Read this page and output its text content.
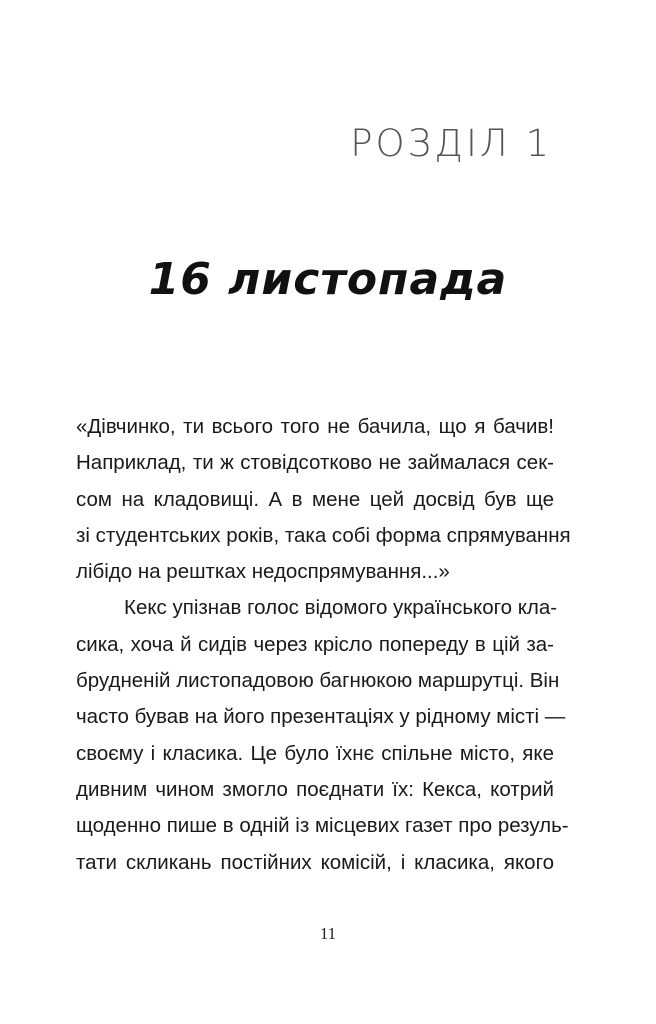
РОЗДІЛ 1
16 листопада

«Дівчинко, ти всього того не бачила, що я бачив!
Наприклад, ти ж стовідсотково не займалася сек-
сом на кладовищі. А в мене цей досвід був ще
зі студентських років, така собі форма спрямування
лібідо на рештках недоспрямування...»

Кекс упізнав голос відомого українського кла-
сика, хоча й сидів через крісло попереду в цій за-
брудненій листопадовою багнюкою маршрутці. Він
часто бував на його презентаціях у рідному місті —
своєму і класика. Це було їхнє спільне місто, яке
дивним чином змогло поєднати їх: Кекса, котрий
щоденно пише в одній із місцевих газет про резуль-
тати скликань постійних комісій, і класика, якого

11
